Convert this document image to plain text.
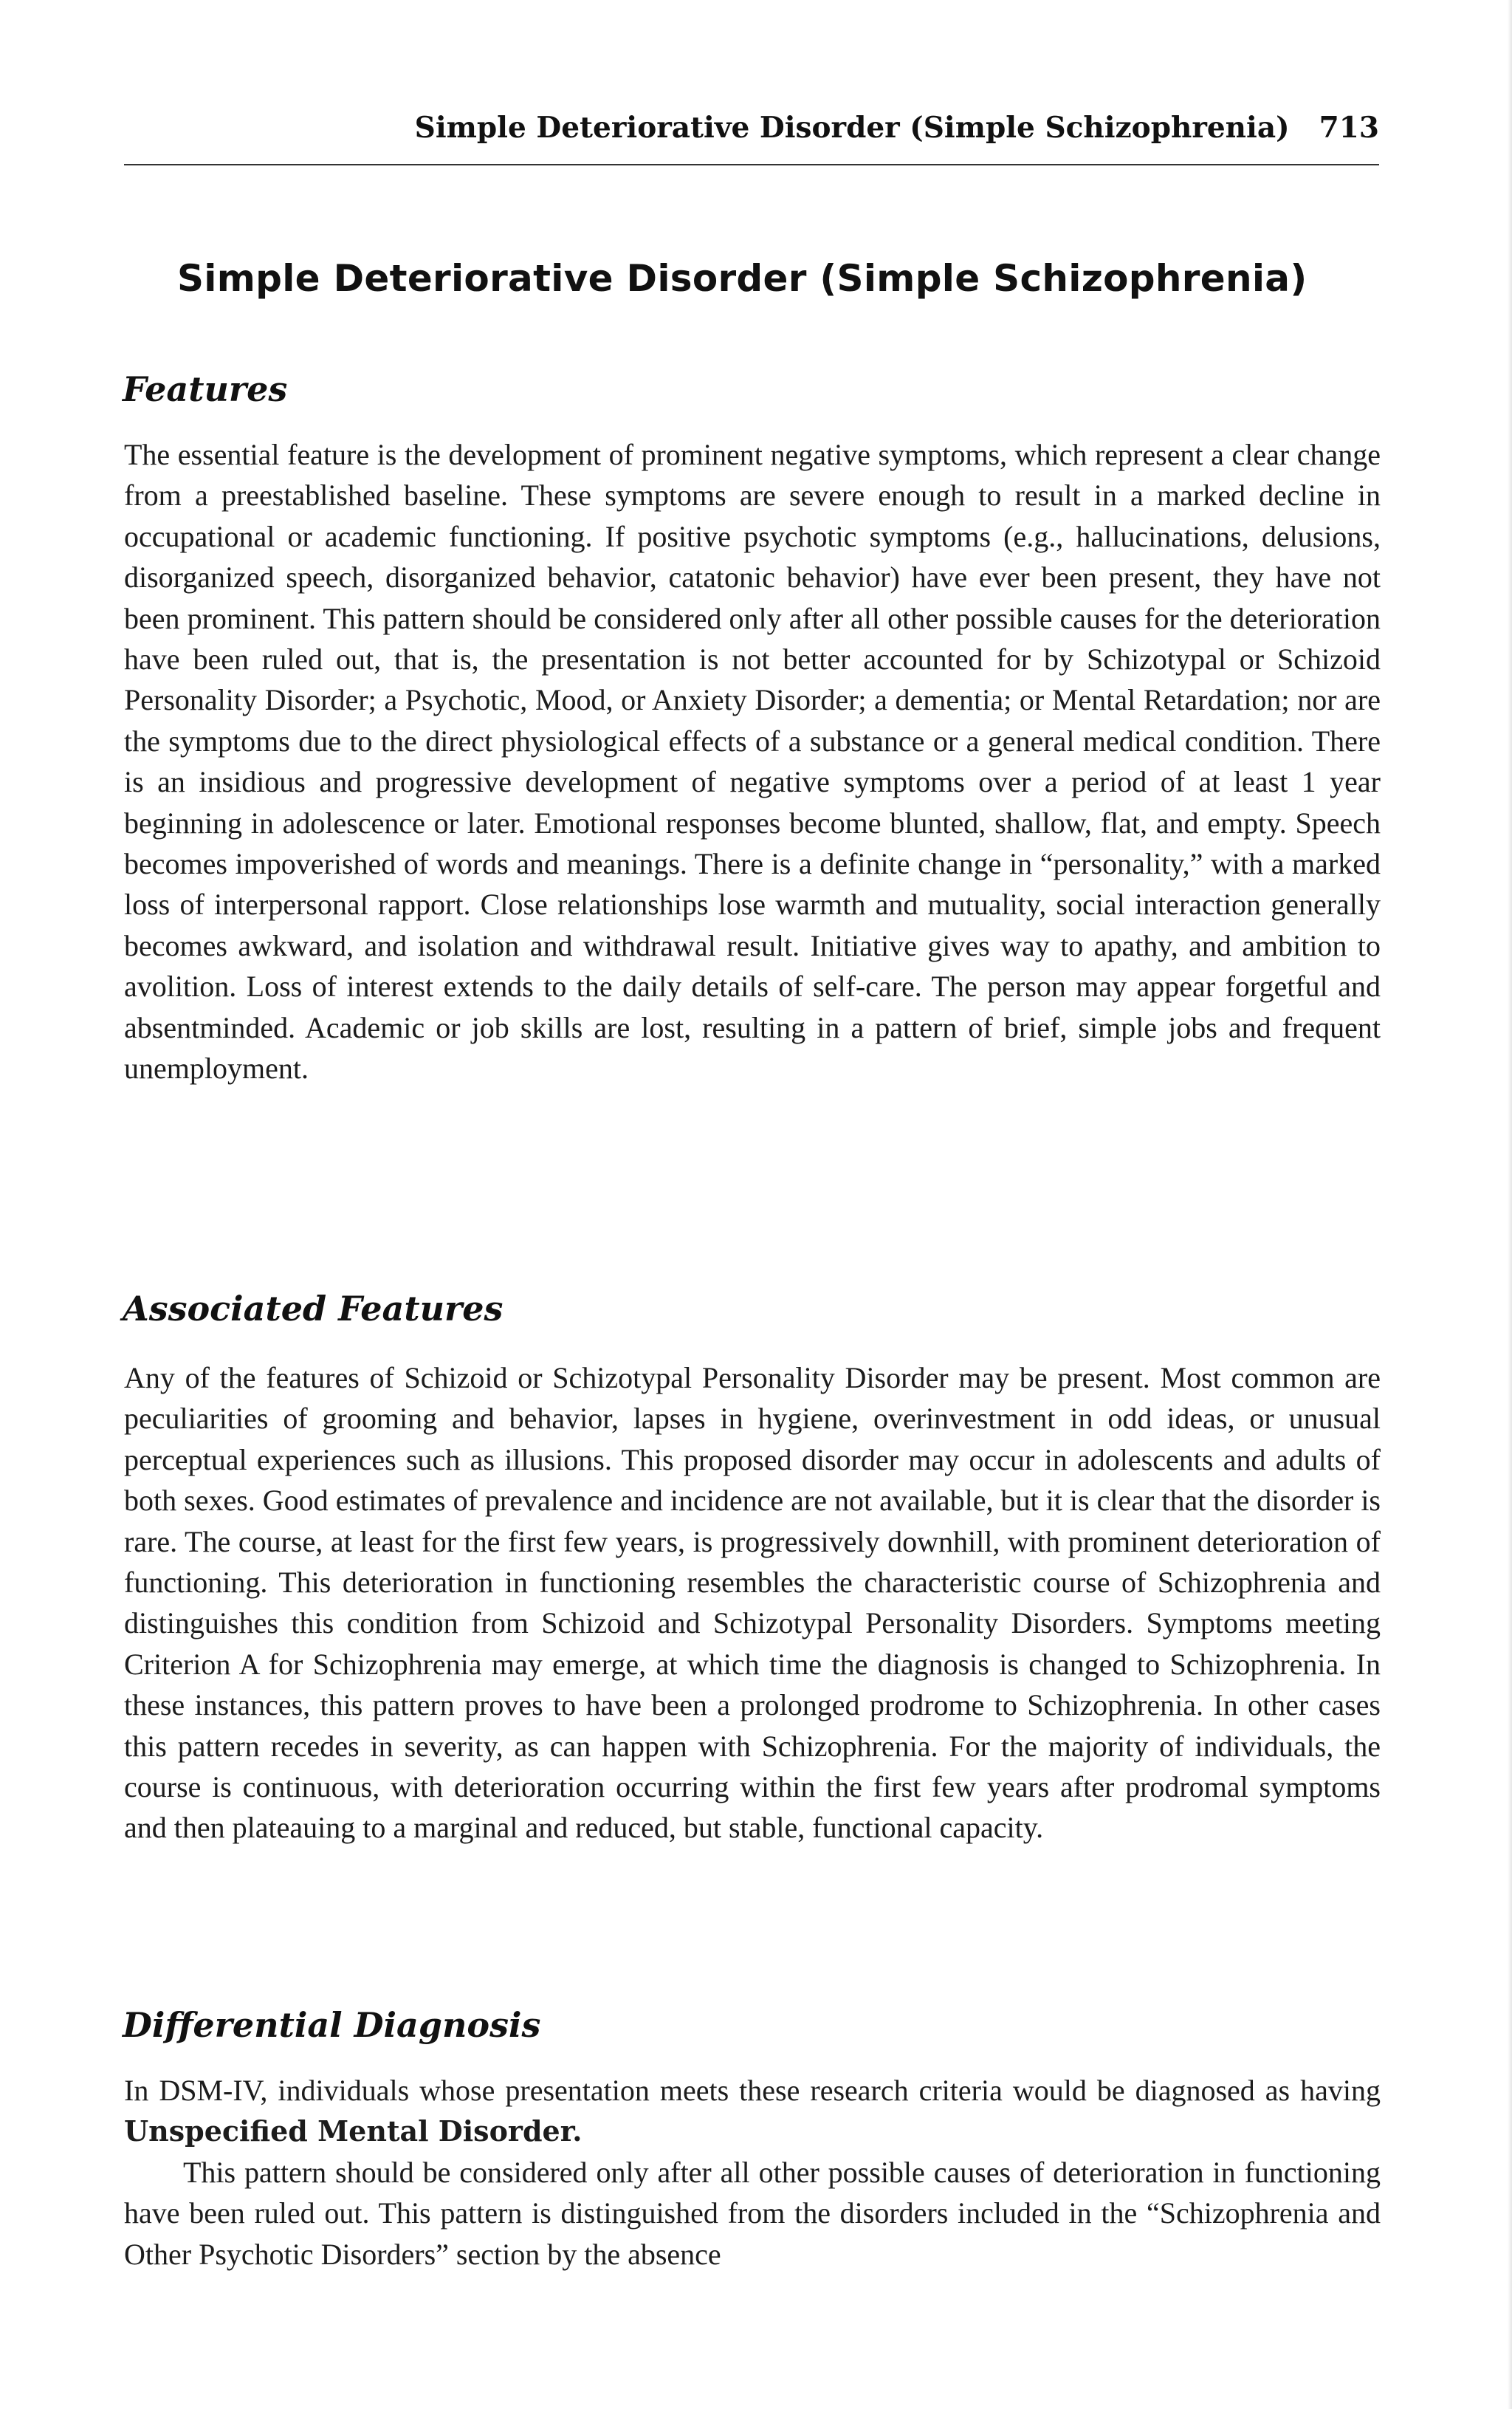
Simple Deteriorative Disorder (Simple Schizophrenia) 713
Simple Deteriorative Disorder (Simple Schizophrenia)
Features

The essential feature is the development of prominent negative symptoms, which represent a clear change from a preestablished baseline. These symptoms are severe enough to result in a marked decline in occupational or academic functioning. If positive psychotic symptoms (e.g., hallucinations, delusions, disorganized speech, disorganized behavior, catatonic behavior) have ever been present, they have not been prominent. This pattern should be considered only after all other possible causes for the deterioration have been ruled out, that is, the presentation is not better accounted for by Schizotypal or Schizoid Personality Disorder; a Psychotic, Mood, or Anxiety Disorder; a dementia; or Mental Retardation; nor are the symptoms due to the direct physiological effects of a substance or a general medical condition. There is an insidious and progressive development of negative symptoms over a period of at least 1 year beginning in adolescence or later. Emotional responses become blunted, shallow, flat, and empty. Speech becomes impoverished of words and meanings. There is a definite change in “personality,” with a marked loss of interpersonal rapport. Close relationships lose warmth and mutuality, social interaction generally becomes awkward, and isolation and withdrawal result. Initiative gives way to apathy, and ambition to avolition. Loss of interest extends to the daily details of self-care. The person may appear forgetful and absentminded. Academic or job skills are lost, resulting in a pattern of brief, simple jobs and frequent unemployment.

Associated Features

Any of the features of Schizoid or Schizotypal Personality Disorder may be present. Most common are peculiarities of grooming and behavior, lapses in hygiene, overinvestment in odd ideas, or unusual perceptual experiences such as illusions. This proposed disorder may occur in adolescents and adults of both sexes. Good estimates of prevalence and incidence are not available, but it is clear that the disorder is rare. The course, at least for the first few years, is progressively downhill, with prominent deterioration of functioning. This deterioration in functioning resembles the characteristic course of Schizophrenia and distinguishes this condition from Schizoid and Schizotypal Personality Disorders. Symptoms meeting Criterion A for Schizophrenia may emerge, at which time the diagnosis is changed to Schizophrenia. In these instances, this pattern proves to have been a prolonged prodrome to Schizophrenia. In other cases this pattern recedes in severity, as can happen with Schizophrenia. For the majority of individuals, the course is continuous, with deterioration occurring within the first few years after prodromal symptoms and then plateauing to a marginal and reduced, but stable, functional capacity.

Differential Diagnosis

In DSM-IV, individuals whose presentation meets these research criteria would be diagnosed as having Unspecified Mental Disorder.

This pattern should be considered only after all other possible causes of deterioration in functioning have been ruled out. This pattern is distinguished from the disorders included in the “Schizophrenia and Other Psychotic Disorders” section by the absence
